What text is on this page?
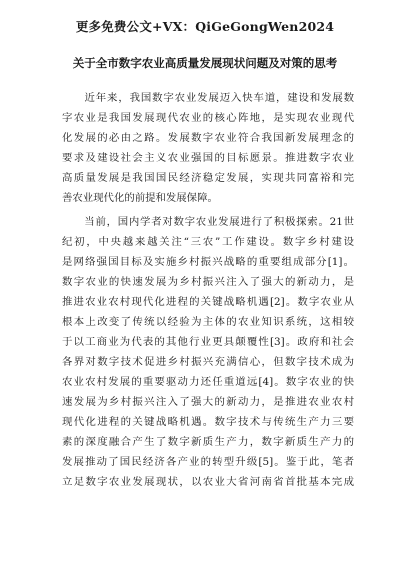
更多免费公文+VX：QiGeGongWen2024
关于全市数字农业高质量发展现状问题及对策的思考
　　近年来，我国数字农业发展迈入快车道，建设和发展数
字农业是我国发展现代农业的核心阵地，是实现农业现代
化发展的必由之路。发展数字农业符合我国新发展理念的
要求及建设社会主义农业强国的目标愿景。推进数字农业
高质量发展是我国国民经济稳定发展，实现共同富裕和完
善农业现代化的前提和发展保障。
　　当前，国内学者对数字农业发展进行了积极探索。21世
纪初，中央越来越关注“三农”工作建设。数字乡村建设
是网络强国目标及实施乡村振兴战略的重要组成部分[1]。
数字农业的快速发展为乡村振兴注入了强大的新动力，是
推进农业农村现代化进程的关键战略机遇[2]。数字农业从
根本上改变了传统以经验为主体的农业知识系统，这相较
于以工商业为代表的其他行业更具颠覆性[3]。政府和社会
各界对数字技术促进乡村振兴充满信心，但数字技术成为
农业农村发展的重要驱动力还任重道远[4]。数字农业的快
速发展为乡村振兴注入了强大的新动力，是推进农业农村
现代化进程的关键战略机遇。数字技术与传统生产力三要
素的深度融合产生了数字新质生产力，数字新质生产力的
发展推动了国民经济各产业的转型升级[5]。鉴于此，笔者
立足数字农业发展现状，以农业大省河南省首批基本完成
